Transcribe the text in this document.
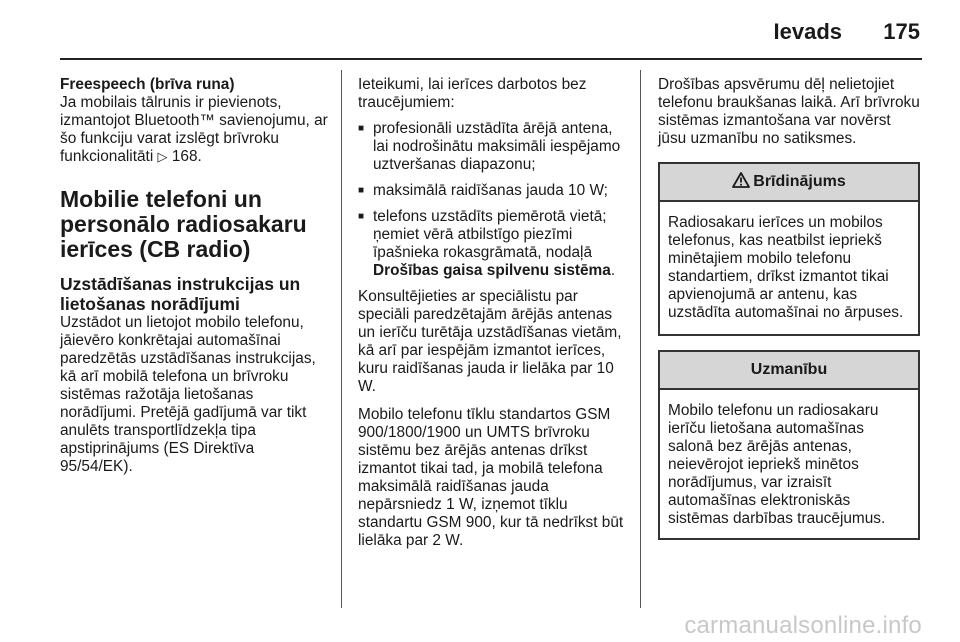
Ievads 175

Freespeech (brīva runa)

Ja mobilais tālrunis ir pievienots, izmantojot Bluetooth™ savienojumu, ar šo funkciju varat izslēgt brīvroku funkcionalitāti ▷ 168.

Mobilie telefoni un personālo radiosakaru ierīces (CB radio)
Uzstādīšanas instrukcijas un lietošanas norādījumi

Uzstādot un lietojot mobilo telefonu, jāievēro konkrētajai automašīnai paredzētās uzstādīšanas instrukcijas, kā arī mobilā telefona un brīvroku sistēmas ražotāja lietošanas norādījumi. Pretējā gadījumā var tikt anulēts transportlīdzekļa tipa apstiprinājums (ES Direktīva 95/54/EK).

Ieteikumi, lai ierīces darbotos bez traucējumiem:

■ profesionāli uzstādīta ārējā antena, lai nodrošinātu maksimāli iespējamo uztveršanas diapazonu;
■ maksimālā raidīšanas jauda 10 W;
■ telefons uzstādīts piemērotā vietā; ņemiet vērā atbilstīgo piezīmi īpašnieka rokasgrāmatā, nodaļā Drošības gaisa spilvenu sistēma.

Konsultējieties ar speciālistu par speciāli paredzētajām ārējās antenas un ierīču turētāja uzstādīšanas vietām, kā arī par iespējām izmantot ierīces, kuru raidīšanas jauda ir lielāka par 10 W.

Mobilo telefonu tīklu standartos GSM 900/1800/1900 un UMTS brīvroku sistēmu bez ārējās antenas drīkst izmantot tikai tad, ja mobilā telefona maksimālā raidīšanas jauda nepārsniedz 1 W, izņemot tīklu standartu GSM 900, kur tā nedrīkst būt lielāka par 2 W.

Drošības apsvērumu dēļ nelietojiet telefonu braukšanas laikā. Arī brīvroku sistēmas izmantošana var novērst jūsu uzmanību no satiksmes.

Brīdinājums
Radiosakaru ierīces un mobilos telefonus, kas neatbilst iepriekš minētajiem mobilo telefonu standartiem, drīkst izmantot tikai apvienojumā ar antenu, kas uzstādīta automašīnai no ārpuses.
Uzmanību
Mobilo telefonu un radiosakaru ierīču lietošana automašīnas salonā bez ārējās antenas, neievērojot iepriekš minētos norādījumus, var izraisīt automašīnas elektroniskās sistēmas darbības traucējumus.
carmanualsonline.info
